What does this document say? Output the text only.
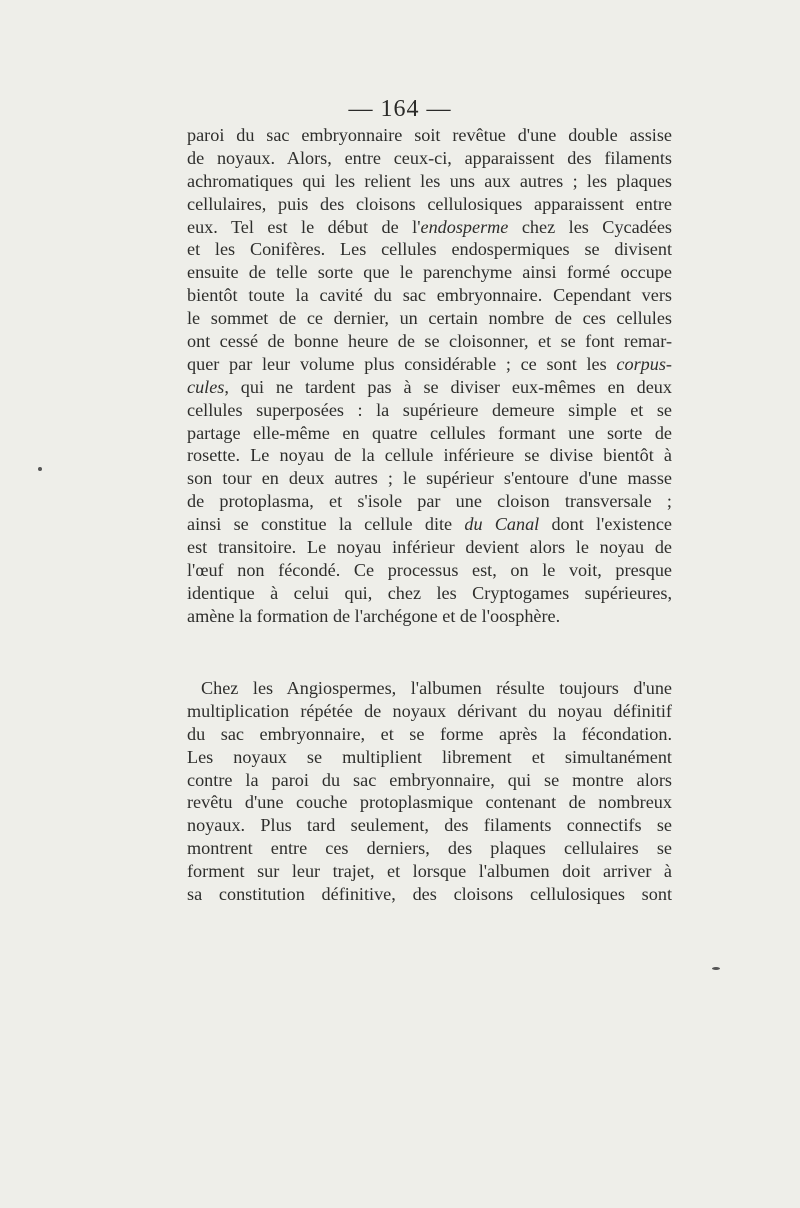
— 164 —
paroi du sac embryonnaire soit revêtue d'une double assise
de noyaux. Alors, entre ceux-ci, apparaissent des filaments
achromatiques qui les relient les uns aux autres ; les plaques
cellulaires, puis des cloisons cellulosiques apparaissent entre
eux. Tel est le début de l'endosperme chez les Cycadées
et les Conifères. Les cellules endospermiques se divisent
ensuite de telle sorte que le parenchyme ainsi formé occupe
bientôt toute la cavité du sac embryonnaire. Cependant vers
le sommet de ce dernier, un certain nombre de ces cellules
ont cessé de bonne heure de se cloisonner, et se font remar-
quer par leur volume plus considérable ; ce sont les corpus-
cules, qui ne tardent pas à se diviser eux-mêmes en deux
cellules superposées : la supérieure demeure simple et se
partage elle-même en quatre cellules formant une sorte de
rosette. Le noyau de la cellule inférieure se divise bientôt à
son tour en deux autres ; le supérieur s'entoure d'une masse
de protoplasma, et s'isole par une cloison transversale ;
ainsi se constitue la cellule dite du Canal dont l'existence
est transitoire. Le noyau inférieur devient alors le noyau de
l'œuf non fécondé. Ce processus est, on le voit, presque
identique à celui qui, chez les Cryptogames supérieures,
amène la formation de l'archégone et de l'oosphère.
Chez les Angiospermes, l'albumen résulte toujours d'une
multiplication répétée de noyaux dérivant du noyau définitif
du sac embryonnaire, et se forme après la fécondation.
Les noyaux se multiplient librement et simultanément
contre la paroi du sac embryonnaire, qui se montre alors
revêtu d'une couche protoplasmique contenant de nombreux
noyaux. Plus tard seulement, des filaments connectifs se
montrent entre ces derniers, des plaques cellulaires se
forment sur leur trajet, et lorsque l'albumen doit arriver à
sa constitution définitive, des cloisons cellulosiques sont
